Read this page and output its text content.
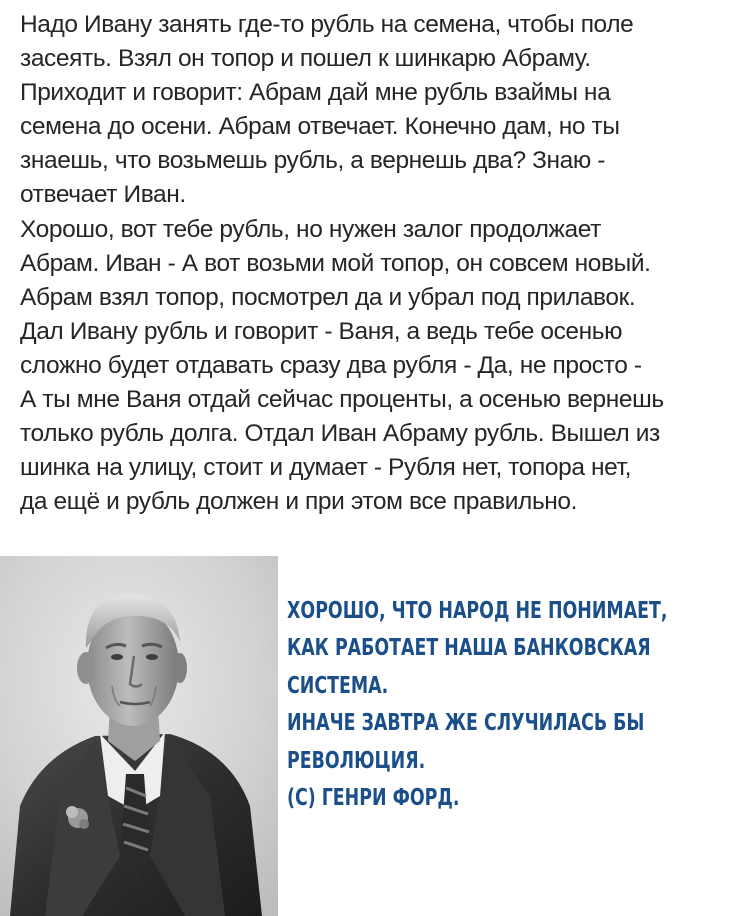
Надо Ивану занять где-то рубль на семена, чтобы поле
засеять. Взял он топор и пошел к шинкарю Абраму.
Приходит и говорит: Абрам дай мне рубль взаймы на
семена до осени. Абрам отвечает. Конечно дам, но ты
знаешь, что возьмешь рубль, а вернешь два? Знаю -
отвечает Иван.
Хорошо, вот тебе рубль, но нужен залог продолжает
Абрам. Иван - А вот возьми мой топор, он совсем новый.
Абрам взял топор, посмотрел да и убрал под прилавок.
Дал Ивану рубль и говорит - Ваня, а ведь тебе осенью
сложно будет отдавать сразу два рубля - Да, не просто -
А ты мне Ваня отдай сейчас проценты, а осенью вернешь
только рубль долга. Отдал Иван Абраму рубль. Вышел из
шинка на улицу, стоит и думает - Рубля нет, топора нет,
да ещё и рубль должен и при этом все правильно.
ХОРОШО, ЧТО НАРОД НЕ ПОНИМАЕТ,
КАК РАБОТАЕТ НАША БАНКОВСКАЯ
СИСТЕМА.
ИНАЧЕ ЗАВТРА ЖЕ СЛУЧИЛАСЬ БЫ
РЕВОЛЮЦИЯ.
(С) ГЕНРИ ФОРД.
